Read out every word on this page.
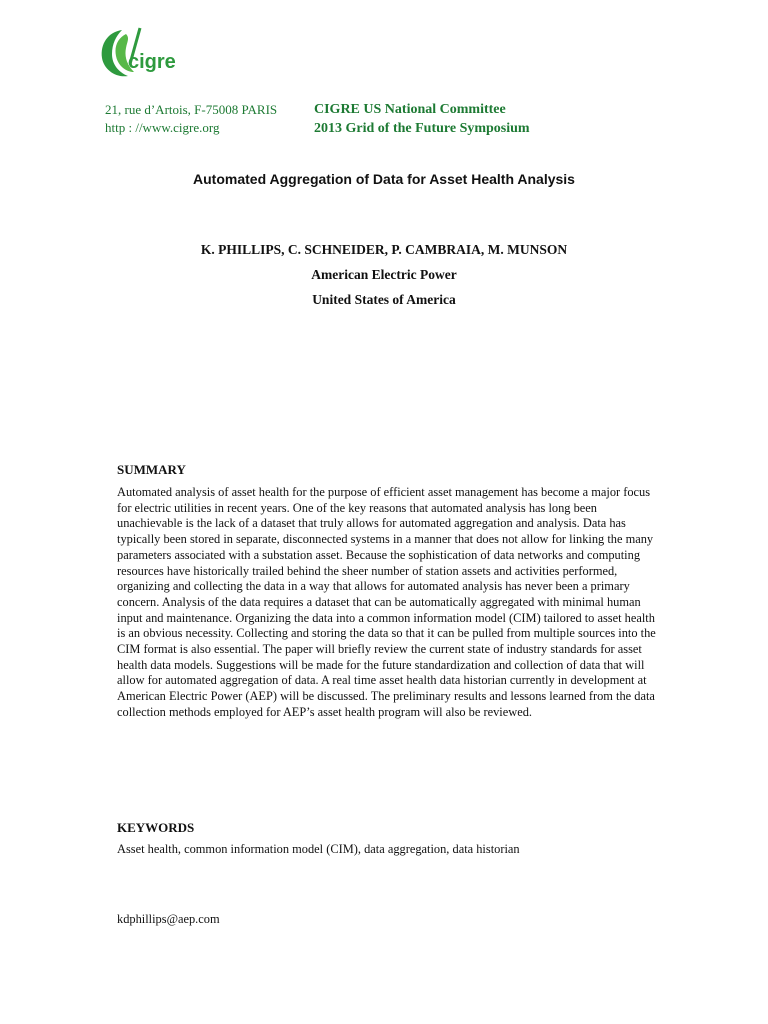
cigre
21, rue d’Artois, F-75008 PARIS
http : //www.cigre.org
CIGRE US National Committee
2013 Grid of the Future Symposium
Automated Aggregation of Data for Asset Health Analysis
K. PHILLIPS, C. SCHNEIDER, P. CAMBRAIA, M. MUNSON
American Electric Power
United States of America
SUMMARY

Automated analysis of asset health for the purpose of efficient asset management has become a major focus for electric utilities in recent years. One of the key reasons that automated analysis has long been unachievable is the lack of a dataset that truly allows for automated aggregation and analysis. Data has typically been stored in separate, disconnected systems in a manner that does not allow for linking the many parameters associated with a substation asset. Because the sophistication of data networks and computing resources have historically trailed behind the sheer number of station assets and activities performed, organizing and collecting the data in a way that allows for automated analysis has never been a primary concern. Analysis of the data requires a dataset that can be automatically aggregated with minimal human input and maintenance. Organizing the data into a common information model (CIM) tailored to asset health is an obvious necessity. Collecting and storing the data so that it can be pulled from multiple sources into the CIM format is also essential. The paper will briefly review the current state of industry standards for asset health data models. Suggestions will be made for the future standardization and collection of data that will allow for automated aggregation of data. A real time asset health data historian currently in development at American Electric Power (AEP) will be discussed. The preliminary results and lessons learned from the data collection methods employed for AEP’s asset health program will also be reviewed.

KEYWORDS
Asset health, common information model (CIM), data aggregation, data historian
kdphillips@aep.com
